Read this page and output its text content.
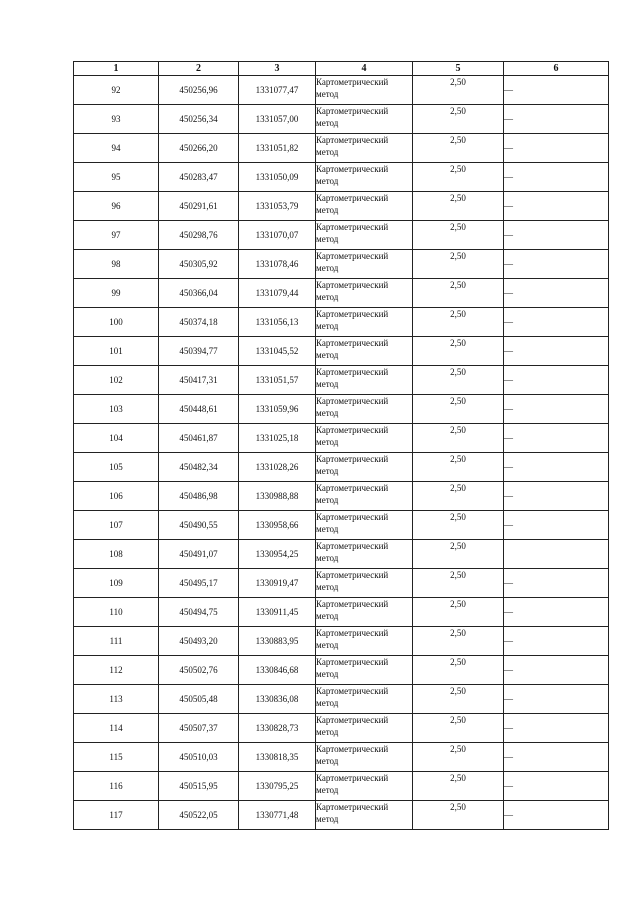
1	2	3	4	5	6
92	450256,96	1331077,47	Картометрический
метод	2,50	—
93	450256,34	1331057,00	Картометрический
метод	2,50	—
94	450266,20	1331051,82	Картометрический
метод	2,50	—
95	450283,47	1331050,09	Картометрический
метод	2,50	—
96	450291,61	1331053,79	Картометрический
метод	2,50	—
97	450298,76	1331070,07	Картометрический
метод	2,50	—
98	450305,92	1331078,46	Картометрический
метод	2,50	—
99	450366,04	1331079,44	Картометрический
метод	2,50	—
100	450374,18	1331056,13	Картометрический
метод	2,50	—
101	450394,77	1331045,52	Картометрический
метод	2,50	—
102	450417,31	1331051,57	Картометрический
метод	2,50	—
103	450448,61	1331059,96	Картометрический
метод	2,50	—
104	450461,87	1331025,18	Картометрический
метод	2,50	—
105	450482,34	1331028,26	Картометрический
метод	2,50	—
106	450486,98	1330988,88	Картометрический
метод	2,50	—
107	450490,55	1330958,66	Картометрический
метод	2,50	—
108	450491,07	1330954,25	Картометрический
метод	2,50	
109	450495,17	1330919,47	Картометрический
метод	2,50	—
110	450494,75	1330911,45	Картометрический
метод	2,50	—
111	450493,20	1330883,95	Картометрический
метод	2,50	—
112	450502,76	1330846,68	Картометрический
метод	2,50	—
113	450505,48	1330836,08	Картометрический
метод	2,50	—
114	450507,37	1330828,73	Картометрический
метод	2,50	—
115	450510,03	1330818,35	Картометрический
метод	2,50	—
116	450515,95	1330795,25	Картометрический
метод	2,50	—
117	450522,05	1330771,48	Картометрический
метод	2,50	—
